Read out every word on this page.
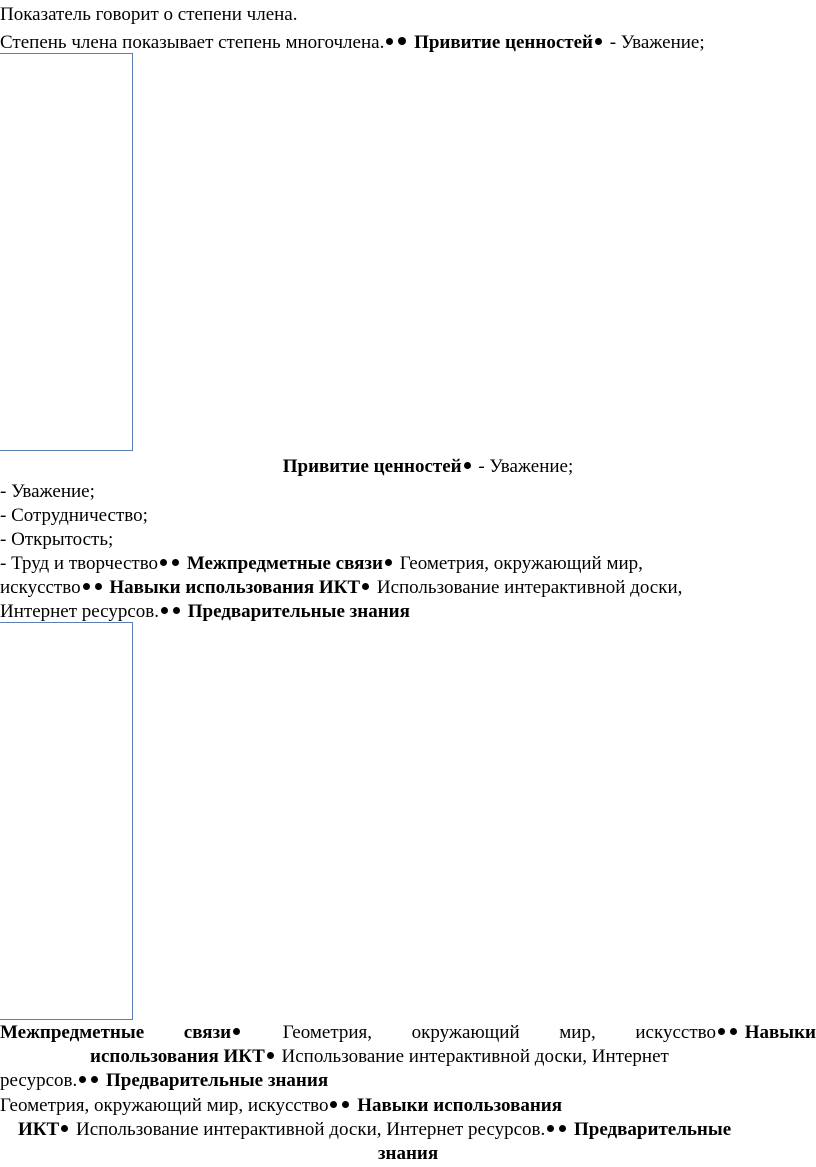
Показатель говорит о степени члена.
Степень члена показывает степень многочлена. Привитие ценностей - Уважение;
Привитие ценностей - Уважение;
- Уважение;
- Сотрудничество;
- Открытость;
- Труд и творчество Межпредметные связи Геометрия, окружающий мир,
искусство Навыки использования ИКТ Использование интерактивной доски,
Интернет ресурсов. Предварительные знания
Межпредметные связи	Геометрия, окружающий мир, искусство Навыки
использования ИКТ Использование интерактивной доски, Интернет
ресурсов. Предварительные знания
Геометрия, окружающий мир, искусство Навыки использования
ИКТ Использование интерактивной доски, Интернет ресурсов. Предварительные
знания
